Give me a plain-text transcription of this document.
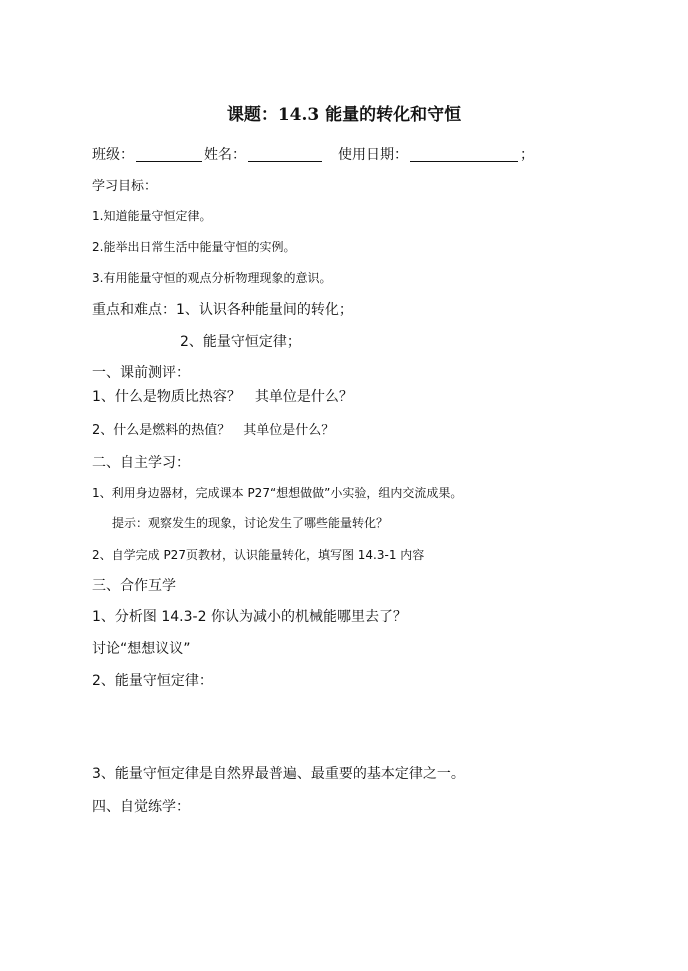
课题：14.3 能量的转化和守恒
班级：	姓名：	使用日期：	；
学习目标：
1.知道能量守恒定律。
2.能举出日常生活中能量守恒的实例。
3.有用能量守恒的观点分析物理现象的意识。
重点和难点：1、认识各种能量间的转化；
2、能量守恒定律；
一、课前测评：
1、什么是物质比热容？　其单位是什么？
2、什么是燃料的热值？　其单位是什么？
二、自主学习：
1、利用身边器材，完成课本 P27“想想做做”小实验，组内交流成果。
提示：观察发生的现象，讨论发生了哪些能量转化？
2、自学完成 P27页教材，认识能量转化，填写图 14.3-1 内容
三、合作互学
1、分析图 14.3-2 你认为减小的机械能哪里去了？
讨论“想想议议”
2、能量守恒定律：
3、能量守恒定律是自然界最普遍、最重要的基本定律之一。
四、自觉练学：
